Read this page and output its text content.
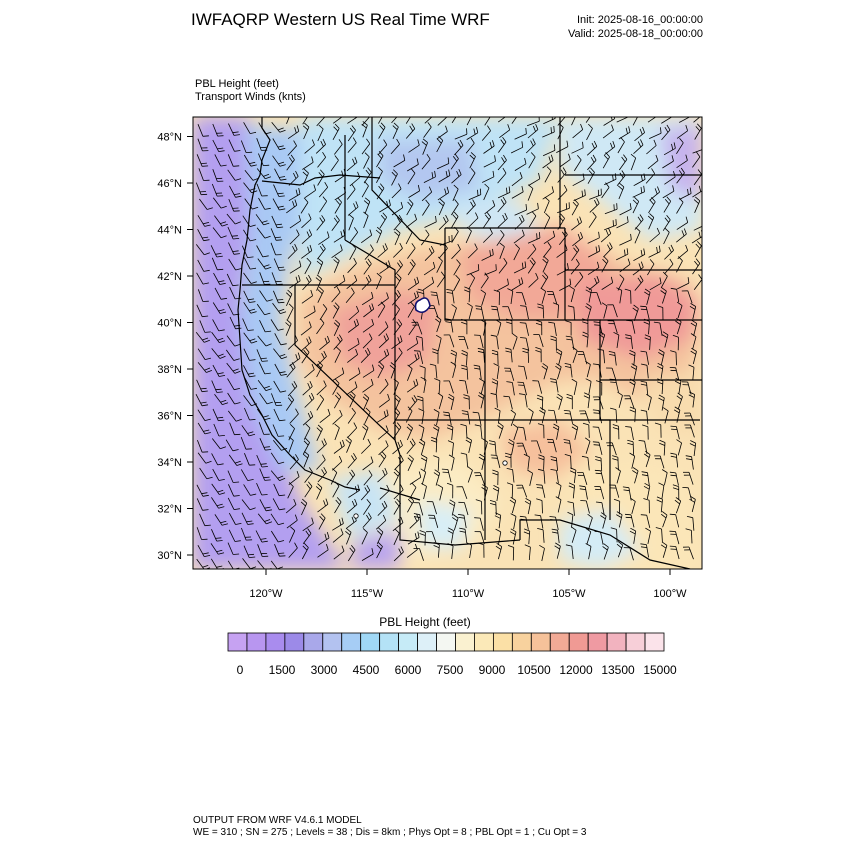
IWFAQRP Western US Real Time WRF	Init: 2025-08-16_00:00:00
Valid: 2025-08-18_00:00:00
PBL Height (feet)
Transport Winds (knts)
30°N
32°N
34°N
36°N
38°N
40°N
42°N
44°N
46°N
48°N
120°W	115°W	110°W	105°W	100°W
0 1500 3000 4500 6000 7500 9000 10500 12000 13500 15000
PBL Height (feet)
OUTPUT FROM WRF V4.6.1 MODEL
WE = 310 ; SN = 275 ; Levels = 38 ; Dis = 8km ; Phys Opt = 8 ; PBL Opt = 1 ; Cu Opt = 3
